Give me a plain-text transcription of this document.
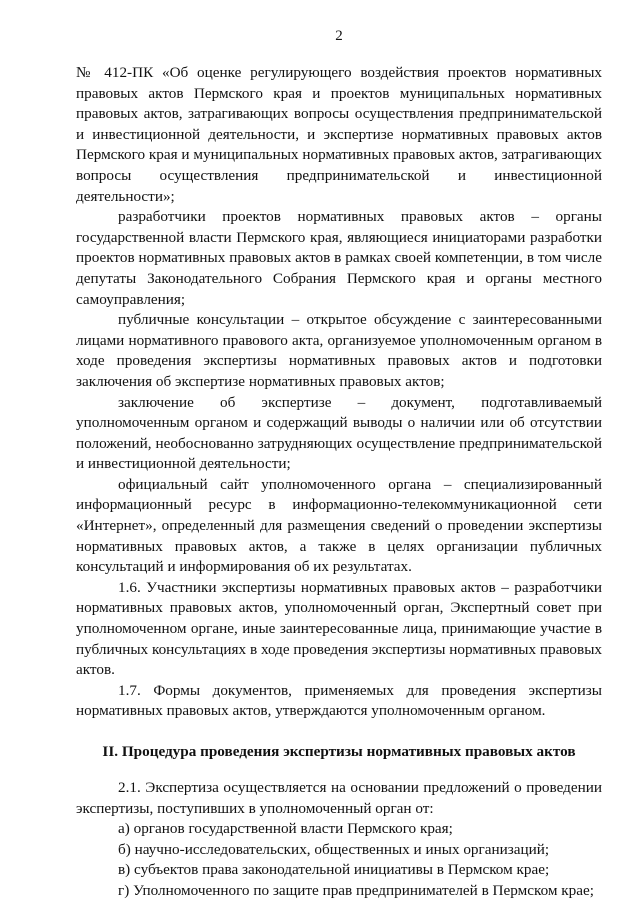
2

№ 412-ПК «Об оценке регулирующего воздействия проектов нормативных правовых актов Пермского края и проектов муниципальных нормативных правовых актов, затрагивающих вопросы осуществления предпринимательской и инвестиционной деятельности, и экспертизе нормативных правовых актов Пермского края и муниципальных нормативных правовых актов, затрагивающих вопросы осуществления предпринимательской и инвестиционной деятельности»;

разработчики проектов нормативных правовых актов – органы государственной власти Пермского края, являющиеся инициаторами разработки проектов нормативных правовых актов в рамках своей компетенции, в том числе депутаты Законодательного Собрания Пермского края и органы местного самоуправления;

публичные консультации – открытое обсуждение с заинтересованными лицами нормативного правового акта, организуемое уполномоченным органом в ходе проведения экспертизы нормативных правовых актов и подготовки заключения об экспертизе нормативных правовых актов;

заключение об экспертизе – документ, подготавливаемый уполномоченным органом и содержащий выводы о наличии или об отсутствии положений, необоснованно затрудняющих осуществление предпринимательской и инвестиционной деятельности;

официальный сайт уполномоченного органа – специализированный информационный ресурс в информационно-телекоммуникационной сети «Интернет», определенный для размещения сведений о проведении экспертизы нормативных правовых актов, а также в целях организации публичных консультаций и информирования об их результатах.

1.6. Участники экспертизы нормативных правовых актов – разработчики нормативных правовых актов, уполномоченный орган, Экспертный совет при уполномоченном органе, иные заинтересованные лица, принимающие участие в публичных консультациях в ходе проведения экспертизы нормативных правовых актов.

1.7. Формы документов, применяемых для проведения экспертизы нормативных правовых актов, утверждаются уполномоченным органом.

II. Процедура проведения экспертизы нормативных правовых актов

2.1. Экспертиза осуществляется на основании предложений о проведении экспертизы, поступивших в уполномоченный орган от:

а) органов государственной власти Пермского края;

б) научно-исследовательских, общественных и иных организаций;

в) субъектов права законодательной инициативы в Пермском крае;

г) Уполномоченного по защите прав предпринимателей в Пермском крае;
